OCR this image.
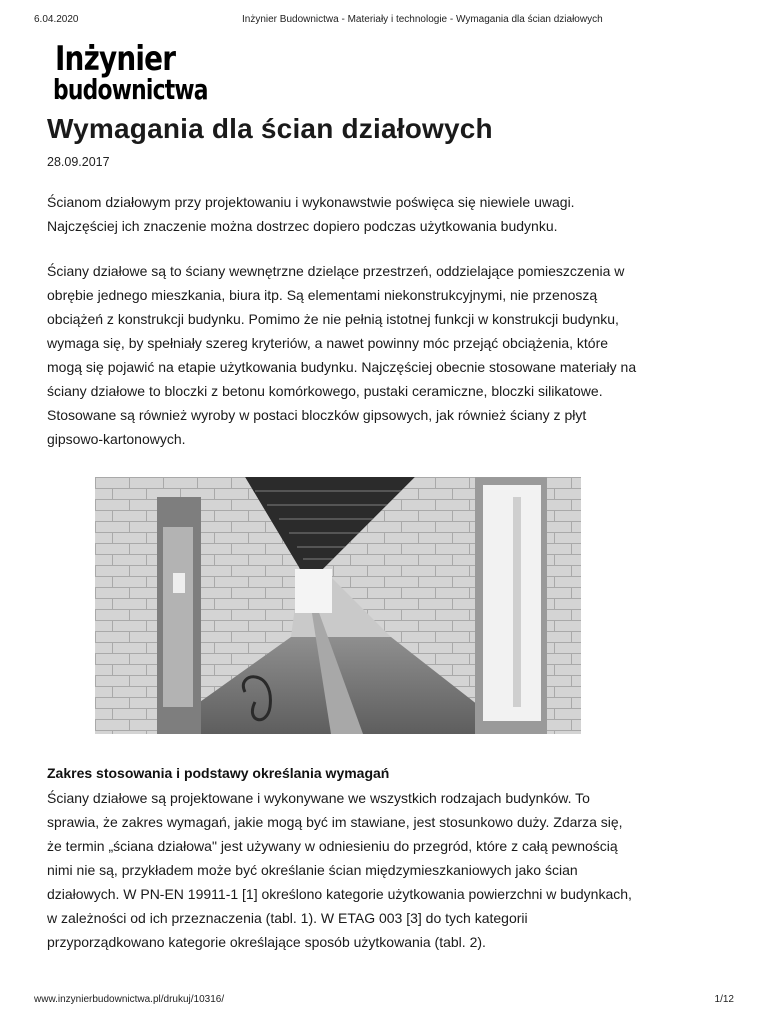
6.04.2020	Inżynier Budownictwa - Materiały i technologie - Wymagania dla ścian działowych
Inżynier
budownictwa
Wymagania dla ścian działowych
28.09.2017

Ścianom działowym przy projektowaniu i wykonawstwie poświęca się niewiele uwagi. Najczęściej ich znaczenie można dostrzec dopiero podczas użytkowania budynku.

Ściany działowe są to ściany wewnętrzne dzielące przestrzeń, oddzielające pomieszczenia w obrębie jednego mieszkania, biura itp. Są elementami niekonstrukcyjnymi, nie przenoszą obciążeń z konstrukcji budynku. Pomimo że nie pełnią istotnej funkcji w konstrukcji budynku, wymaga się, by spełniały szereg kryteriów, a nawet powinny móc przejąć obciążenia, które mogą się pojawić na etapie użytkowania budynku. Najczęściej obecnie stosowane materiały na ściany działowe to bloczki z betonu komórkowego, pustaki ceramiczne, bloczki silikatowe. Stosowane są również wyroby w postaci bloczków gipsowych, jak również ściany z płyt gipsowo-kartonowych.

Zakres stosowania i podstawy określania wymagań

Ściany działowe są projektowane i wykonywane we wszystkich rodzajach budynków. To sprawia, że zakres wymagań, jakie mogą być im stawiane, jest stosunkowo duży. Zdarza się, że termin „ściana działowa" jest używany w odniesieniu do przegród, które z całą pewnością nimi nie są, przykładem może być określanie ścian międzymieszkaniowych jako ścian działowych. W PN-EN 19911-1 [1] określono kategorie użytkowania powierzchni w budynkach, w zależności od ich przeznaczenia (tabl. 1). W ETAG 003 [3] do tych kategorii przyporządkowano kategorie określające sposób użytkowania (tabl. 2).

www.inzynierbudownictwa.pl/drukuj/10316/	1/12
